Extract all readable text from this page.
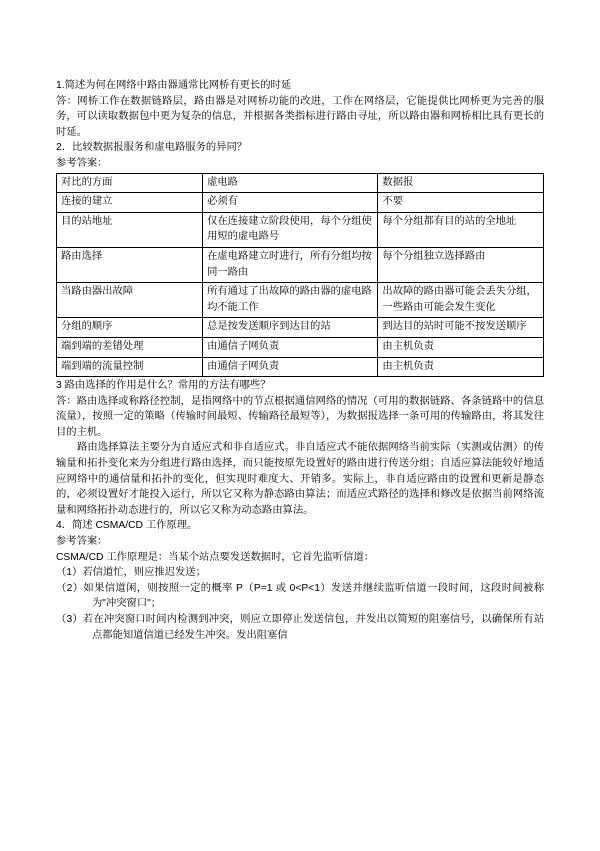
1.简述为何在网络中路由器通常比网桥有更长的时延

答：网桥工作在数据链路层，路由器是对网桥功能的改进，工作在网络层，它能提供比网桥更为完善的服务，可以读取数据包中更为复杂的信息，并根据各类指标进行路由寻址，所以路由器和网桥相比具有更长的时延。

2．比较数据报服务和虚电路服务的异同？

参考答案：

对比的方面	虚电路	数据报
连接的建立	必须有	不要
目的站地址	仅在连接建立阶段使用，每个分组使用短的虚电路号	每个分组都有目的站的全地址
路由选择	在虚电路建立时进行，所有分组均按同一路由	每个分组独立选择路由
当路由器出故障	所有通过了出故障的路由器的虚电路均不能工作	出故障的路由器可能会丢失分组，一些路由可能会发生变化
分组的顺序	总是按发送顺序到达目的站	到达目的站时可能不按发送顺序
端到端的差错处理	由通信子网负责	由主机负责
端到端的流量控制	由通信子网负责	由主机负责

3 路由选择的作用是什么？常用的方法有哪些？

答：路由选择或称路径控制，是指网络中的节点根据通信网络的情况（可用的数据链路、各条链路中的信息流量），按照一定的策略（传输时间最短、传输路径最短等），为数据报选择一条可用的传输路由，将其发往目的主机。

路由选择算法主要分为自适应式和非自适应式。非自适应式不能依据网络当前实际（实测或估测）的传输量和拓扑变化来为分组进行路由选择，而只能按原先设置好的路由进行传送分组；自适应算法能较好地适应网络中的通信量和拓扑的变化，但实现时难度大、开销多。实际上，非自适应路由的设置和更新是静态的，必须设置好才能投入运行，所以它又称为静态路由算法；而适应式路径的选择和修改是依据当前网络流量和网络拓扑动态进行的，所以它又称为动态路由算法。

4．简述 CSMA/CD 工作原理。

参考答案：

CSMA/CD 工作原理是：当某个站点要发送数据时，它首先监听信道：

（1）若信道忙，则应推迟发送；

（2）如果信道闲，则按照一定的概率 P（P=1 或 0<P<1）发送并继续监听信道一段时间，这段时间被称为"冲突窗口"；

（3）若在冲突窗口时间内检测到冲突，则应立即停止发送信包，并发出以简短的阻塞信号，以确保所有站点都能知道信道已经发生冲突。发出阻塞信
